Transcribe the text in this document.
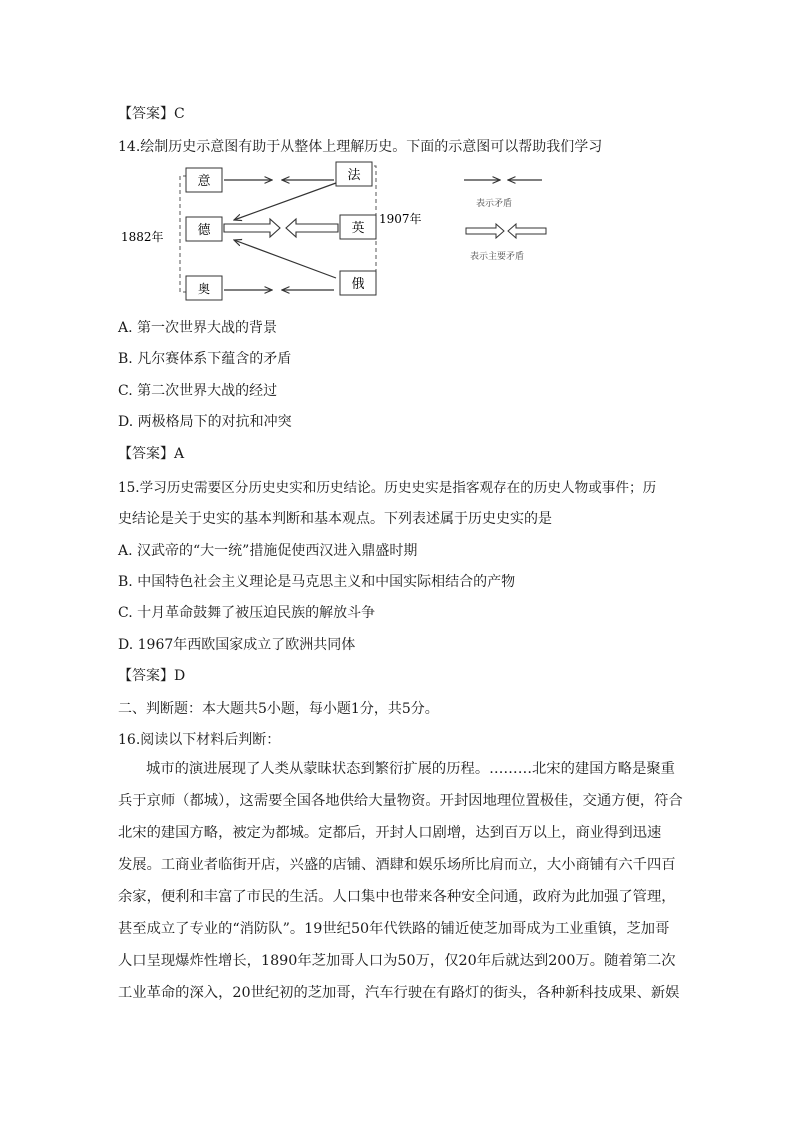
【答案】C
14.绘制历史示意图有助于从整体上理解历史。下面的示意图可以帮助我们学习
意
德
奥
法
英
俄
1882年
1907年
表示矛盾
表示主要矛盾
A. 第一次世界大战的背景
B. 凡尔赛体系下蕴含的矛盾
C. 第二次世界大战的经过
D. 两极格局下的对抗和冲突
【答案】A
15.学习历史需要区分历史史实和历史结论。历史史实是指客观存在的历史人物或事件；历
史结论是关于史实的基本判断和基本观点。下列表述属于历史史实的是
A. 汉武帝的“大一统”措施促使西汉进入鼎盛时期
B. 中国特色社会主义理论是马克思主义和中国实际相结合的产物
C. 十月革命鼓舞了被压迫民族的解放斗争
D. 1967年西欧国家成立了欧洲共同体
【答案】D
二、判断题：本大题共5小题，每小题1分，共5分。
16.阅读以下材料后判断：
城市的演进展现了人类从蒙昧状态到繁衍扩展的历程。………北宋的建国方略是聚重
兵于京师（都城），这需要全国各地供给大量物资。开封因地理位置极佳，交通方便，符合
北宋的建国方略，被定为都城。定都后，开封人口剧增，达到百万以上，商业得到迅速
发展。工商业者临街开店，兴盛的店铺、酒肆和娱乐场所比肩而立，大小商铺有六千四百
余家，便利和丰富了市民的生活。人口集中也带来各种安全问通，政府为此加强了管理，
甚至成立了专业的“消防队”。19世纪50年代铁路的铺近使芝加哥成为工业重镇，芝加哥
人口呈现爆炸性增长，1890年芝加哥人口为50万，仅20年后就达到200万。随着第二次
工业革命的深入，20世纪初的芝加哥，汽车行驶在有路灯的街头，各种新科技成果、新娱
